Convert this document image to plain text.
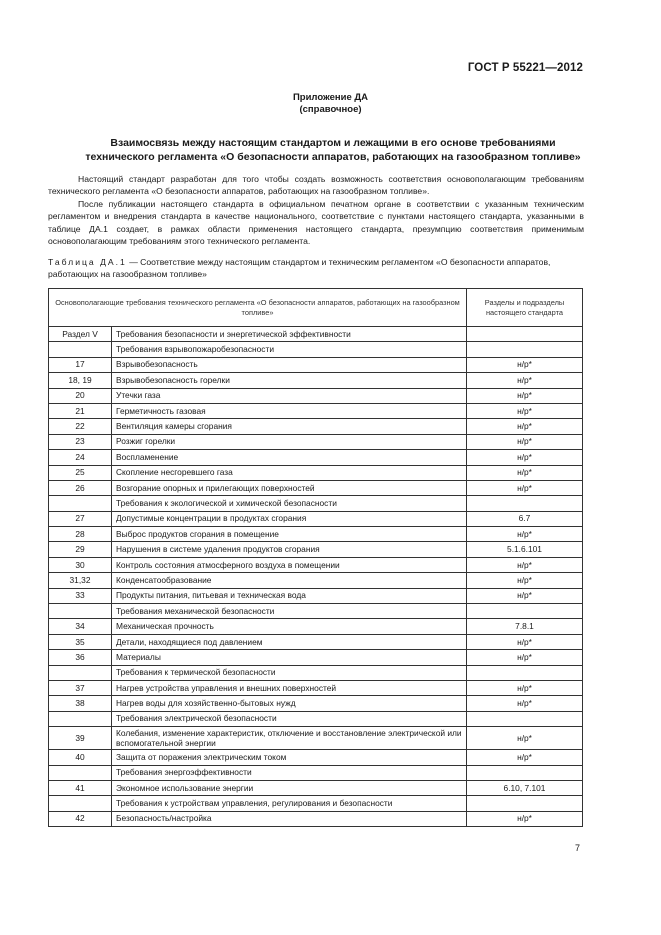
ГОСТ Р 55221—2012
Приложение ДА
(справочное)
Взаимосвязь между настоящим стандартом и лежащими в его основе требованиями
технического регламента «О безопасности аппаратов, работающих на газообразном топливе»
Настоящий стандарт разработан для того чтобы создать возможность соответствия основополагающим требованиям технического регламента «О безопасности аппаратов, работающих на газообразном топливе».
После публикации настоящего стандарта в официальном печатном органе в соответствии с указанным техническим регламентом и внедрения стандарта в качестве национального, соответствие с пунктами настоящего стандарта, указанными в таблице ДА.1 создает, в рамках области применения настоящего стандарта, презумпцию соответствия применимым основополагающим требованиям этого технического регламента.
Таблица ДА.1 — Соответствие между настоящим стандартом и техническим регламентом «О безопасности аппаратов, работающих на газообразном топливе»
Основополагающие требования технического регламента «О безопасности аппаратов, работающих на газообразном топливе»		Разделы и подразделы настоящего стандарта
Раздел V	Требования безопасности и энергетической эффективности	
	Требования взрывопожаробезопасности	
17	Взрывобезопасность	н/р*
18, 19	Взрывобезопасность горелки	н/р*
20	Утечки газа	н/р*
21	Герметичность газовая	н/р*
22	Вентиляция камеры сгорания	н/р*
23	Розжиг горелки	н/р*
24	Воспламенение	н/р*
25	Скопление несгоревшего газа	н/р*
26	Возгорание опорных и прилегающих поверхностей	н/р*
	Требования к экологической и химической безопасности	
27	Допустимые концентрации в продуктах сгорания	6.7
28	Выброс продуктов сгорания в помещение	н/р*
29	Нарушения в системе удаления продуктов сгорания	5.1.6.101
30	Контроль состояния атмосферного воздуха в помещении	н/р*
31,32	Конденсатообразование	н/р*
33	Продукты питания, питьевая и техническая вода	н/р*
	Требования механической безопасности	
34	Механическая прочность	7.8.1
35	Детали, находящиеся под давлением	н/р*
36	Материалы	н/р*
	Требования к термической безопасности	
37	Нагрев устройства управления и внешних поверхностей	н/р*
38	Нагрев воды для хозяйственно-бытовых нужд	н/р*
	Требования электрической безопасности	
39	Колебания, изменение характеристик, отключение и восстановление электрической или вспомогательной энергии	н/р*
40	Защита от поражения электрическим током	н/р*
	Требования энергоэффективности	
41	Экономное использование энергии	6.10, 7.101
	Требования к устройствам управления, регулирования и безопасности	
42	Безопасность/настройка	н/р*
7
